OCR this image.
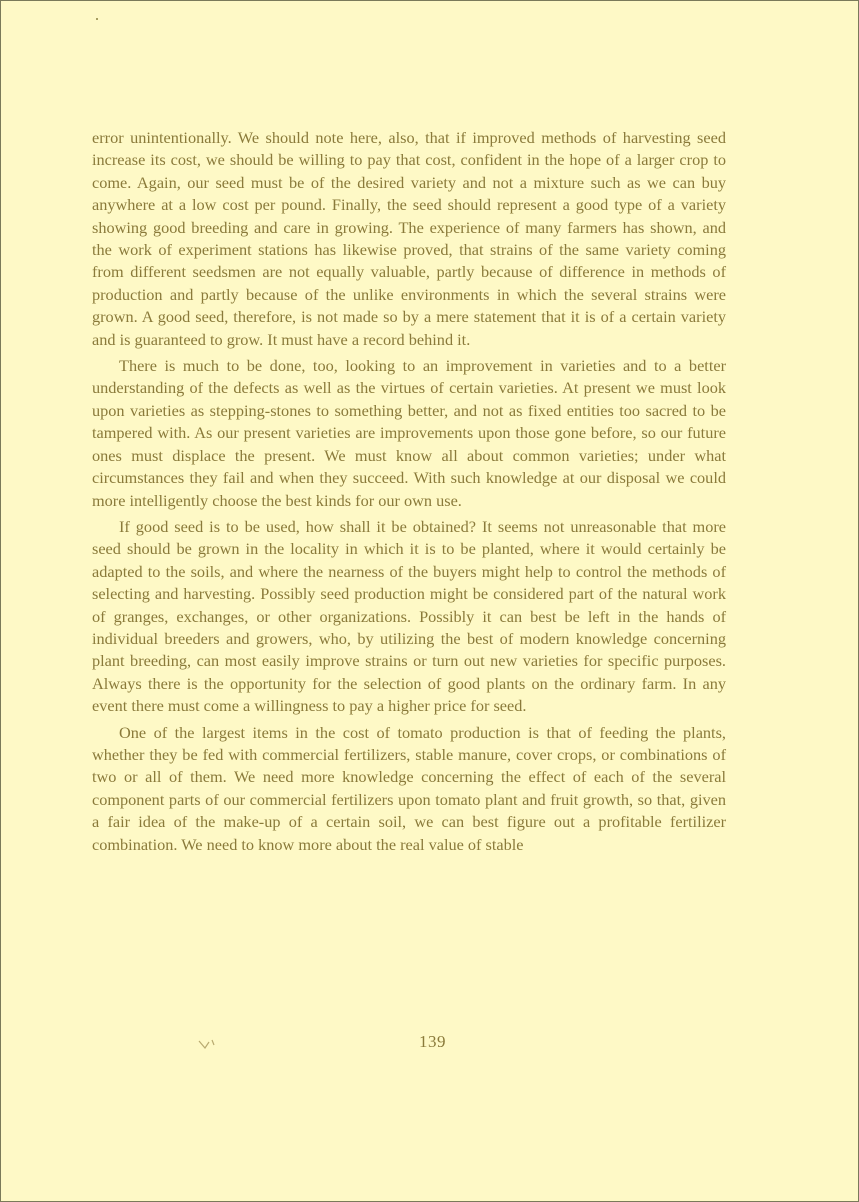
error unintentionally. We should note here, also, that if improved methods of harvesting seed increase its cost, we should be willing to pay that cost, confident in the hope of a larger crop to come. Again, our seed must be of the desired variety and not a mixture such as we can buy anywhere at a low cost per pound. Finally, the seed should represent a good type of a variety showing good breeding and care in growing. The experience of many farmers has shown, and the work of experiment stations has likewise proved, that strains of the same variety coming from different seedsmen are not equally valuable, partly because of difference in methods of production and partly because of the unlike environments in which the several strains were grown. A good seed, therefore, is not made so by a mere statement that it is of a certain variety and is guaranteed to grow. It must have a record behind it.

There is much to be done, too, looking to an improvement in varieties and to a better understanding of the defects as well as the virtues of certain varieties. At present we must look upon varieties as stepping-stones to something better, and not as fixed entities too sacred to be tampered with. As our present varieties are improvements upon those gone before, so our future ones must displace the present. We must know all about common varieties; under what circumstances they fail and when they succeed. With such knowledge at our disposal we could more intelligently choose the best kinds for our own use.

If good seed is to be used, how shall it be obtained? It seems not unreasonable that more seed should be grown in the locality in which it is to be planted, where it would certainly be adapted to the soils, and where the nearness of the buyers might help to control the methods of selecting and harvesting. Possibly seed production might be considered part of the natural work of granges, exchanges, or other organizations. Possibly it can best be left in the hands of individual breeders and growers, who, by utilizing the best of modern knowledge concerning plant breeding, can most easily improve strains or turn out new varieties for specific purposes. Always there is the opportunity for the selection of good plants on the ordinary farm. In any event there must come a willingness to pay a higher price for seed.

One of the largest items in the cost of tomato production is that of feeding the plants, whether they be fed with commercial fertilizers, stable manure, cover crops, or combinations of two or all of them. We need more knowledge concerning the effect of each of the several component parts of our commercial fertilizers upon tomato plant and fruit growth, so that, given a fair idea of the make-up of a certain soil, we can best figure out a profitable fertilizer combination. We need to know more about the real value of stable

139
